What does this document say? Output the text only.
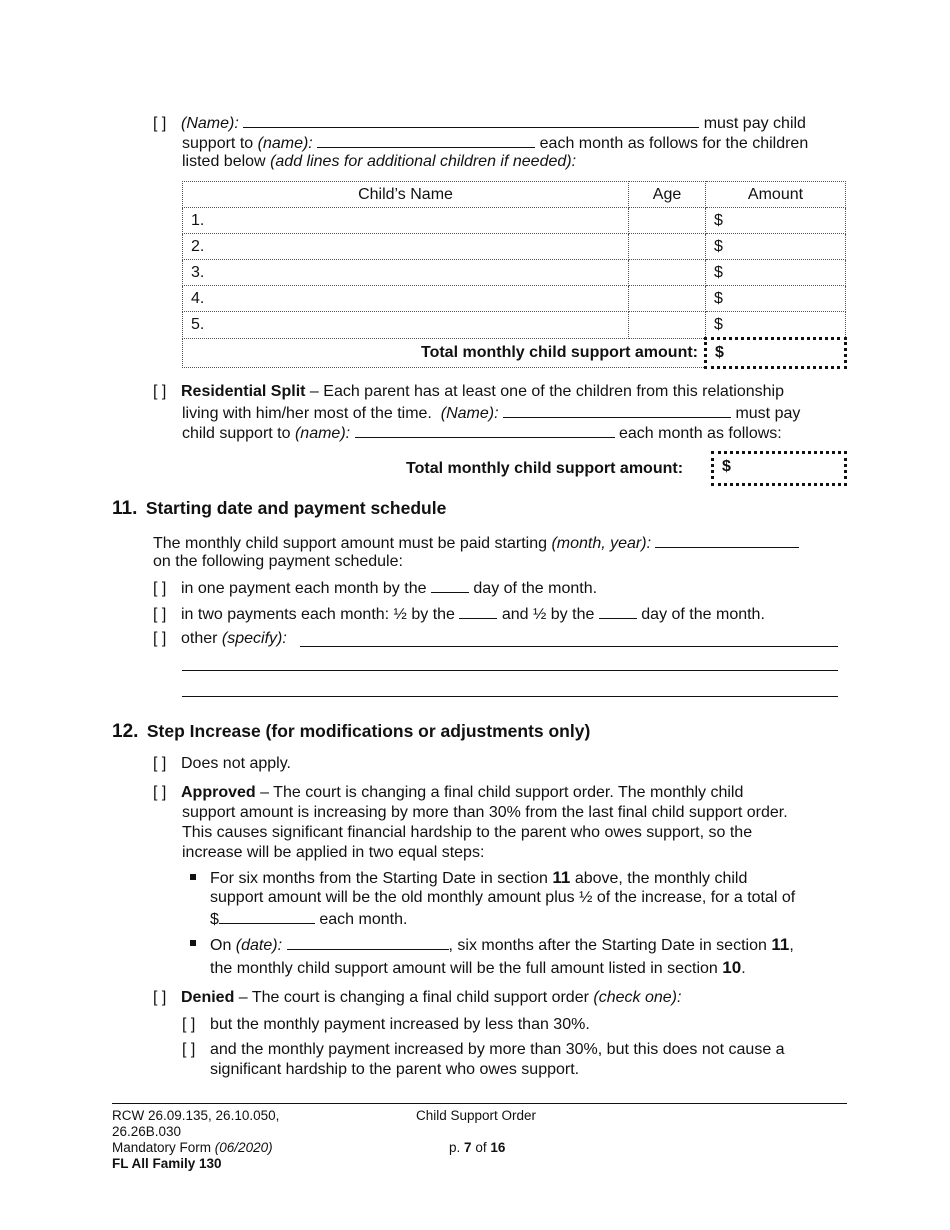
[ ] (Name):	must pay child
support to (name):	each month as follows for the children
listed below (add lines for additional children if needed):
Child’s Name	Age	Amount
1.		$
2.		$
3.		$
4.		$
5.		$
Total monthly child support amount:		$
[ ] Residential Split – Each parent has at least one of the children from this relationship
living with him/her most of the time. (Name):	must pay
child support to (name):	each month as follows:
Total monthly child support amount: $
11. Starting date and payment schedule
The monthly child support amount must be paid starting (month, year):
on the following payment schedule:
[ ] in one payment each month by the	day of the month.
[ ] in two payments each month: ½ by the	and ½ by the	day of the month.
[ ] other (specify):
12. Step Increase (for modifications or adjustments only)
[ ] Does not apply.
[ ] Approved – The court is changing a final child support order. The monthly child
support amount is increasing by more than 30% from the last final child support order.
This causes significant financial hardship to the parent who owes support, so the
increase will be applied in two equal steps:
For six months from the Starting Date in section 11 above, the monthly child
support amount will be the old monthly amount plus ½ of the increase, for a total of
$	each month.
On (date):	, six months after the Starting Date in section 11,
the monthly child support amount will be the full amount listed in section 10.
[ ] Denied – The court is changing a final child support order (check one):
[ ] but the monthly payment increased by less than 30%.
[ ] and the monthly payment increased by more than 30%, but this does not cause a
significant hardship to the parent who owes support.
RCW 26.09.135, 26.10.050,
26.26B.030
Mandatory Form (06/2020)
FL All Family 130
Child Support Order
p. 7 of 16
